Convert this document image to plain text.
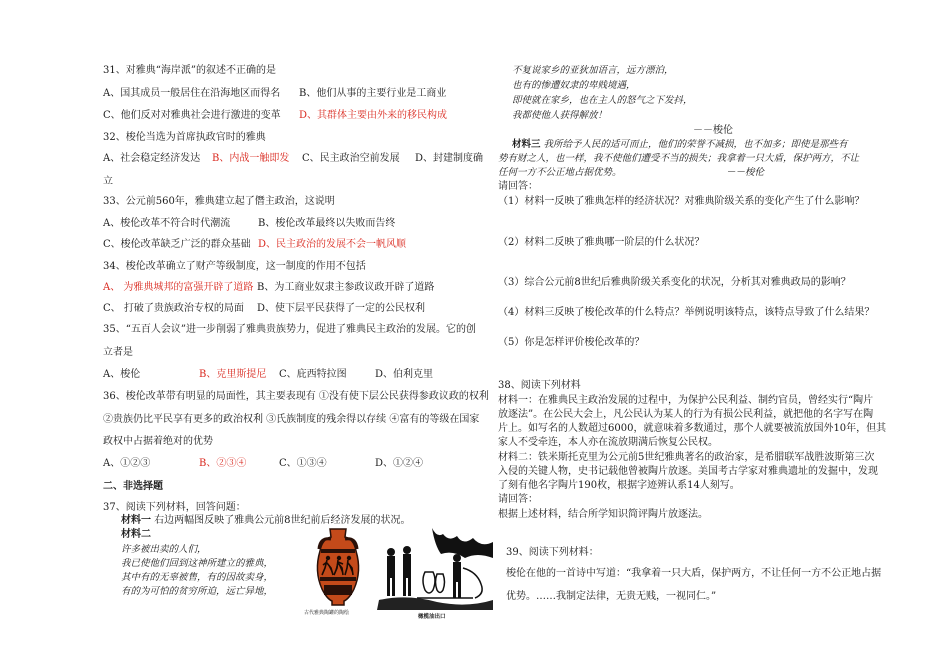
31、对雅典“海岸派”的叙述不正确的是
A、国其成员一般居住在沿海地区而得名 B、他们从事的主要行业是工商业
C、他们反对对雅典社会进行激进的变革 D、其群体主要由外来的移民构成
32、梭伦当选为首席执政官时的雅典
A、社会稳定经济发达 B、内战一触即发 C、民主政治空前发展 D、封建制度确
立
33、公元前560年，雅典建立起了僭主政治，这说明
A、梭伦改革不符合时代潮流	B、梭伦改革最终以失败而告终
C、梭伦改革缺乏广泛的群众基础 D、民主政治的发展不会一帆风顺
34、梭伦改革确立了财产等级制度，这一制度的作用不包括
A、 为雅典城邦的富强开辟了道路 B、为工商业奴隶主参政议政开辟了道路
C、 打破了贵族政治专权的局面 D、使下层平民获得了一定的公民权利
35、“五百人会议”进一步削弱了雅典贵族势力，促进了雅典民主政治的发展。它的创
立者是
A、梭伦	B、克里斯提尼 C、庇西特拉图	D、伯利克里
36、梭伦改革带有明显的局面性，其主要表现有 ①没有使下层公民获得参政议政的权利
②贵族仍比平民享有更多的政治权利 ③氏族制度的残余得以存续 ④富有的等级在国家
政权中占据着绝对的优势
A、①②③	B、②③④	C、①③④	D、①②④
二、非选择题
37、阅读下列材料，回答问题：
材料一 右边两幅图反映了雅典公元前8世纪前后经济发展的状况。
材料二
许多被出卖的人们，
我已使他们回到这神所建立的雅典，
其中有的无辜被售，有的因故卖身，
有的为可怕的贫穷所迫，远亡异地，
古代雅典陶罐的陶绘
橄榄油出口
不复说家乡的亚狄加语言，远方漂泊，
也有的惨遭奴隶的卑贱境遇，
即使就在家乡，也在主人的怒气之下发抖，
我都使他人获得解放！
－－梭伦
材料三 我所给予人民的适可而止，他们的荣誉不减损，也不加多；即使是那些有
势有财之人，也一样，我不使他们遭受不当的损失；我拿着一只大盾，保护两方，不让
任何一方不公正地占据优势。	－－梭伦
请回答：
（1）材料一反映了雅典怎样的经济状况？对雅典阶级关系的变化产生了什么影响？
（2）材料二反映了雅典哪一阶层的什么状况？
（3）综合公元前8世纪后雅典阶级关系变化的状况，分析其对雅典政局的影响？
（4）材料三反映了梭伦改革的什么特点？举例说明该特点，该特点导致了什么结果？
（5）你是怎样评价梭伦改革的？
38、阅读下列材料
材料一：在雅典民主政治发展的过程中，为保护公民利益、制约官员，曾经实行“陶片
放逐法”。在公民大会上，凡公民认为某人的行为有损公民利益，就把他的名字写在陶
片上。如写名的人数超过6000，就意味着多数通过，那个人就要被流放国外10年，但其
家人不受牵连，本人亦在流放期满后恢复公民权。
材料二：铁米斯托克里为公元前5世纪雅典著名的政治家，是希腊联军战胜波斯第三次
入侵的关键人物，史书记载他曾被陶片放逐。美国考古学家对雅典遗址的发掘中，发现
了刻有他名字陶片190枚，根据字迹辨认系14人刻写。
请回答：
根据上述材料，结合所学知识简评陶片放逐法。
39、阅读下列材料：
梭伦在他的一首诗中写道：“我拿着一只大盾，保护两方，不让任何一方不公正地占据
优势。……我制定法律，无贵无贱，一视同仁。”
